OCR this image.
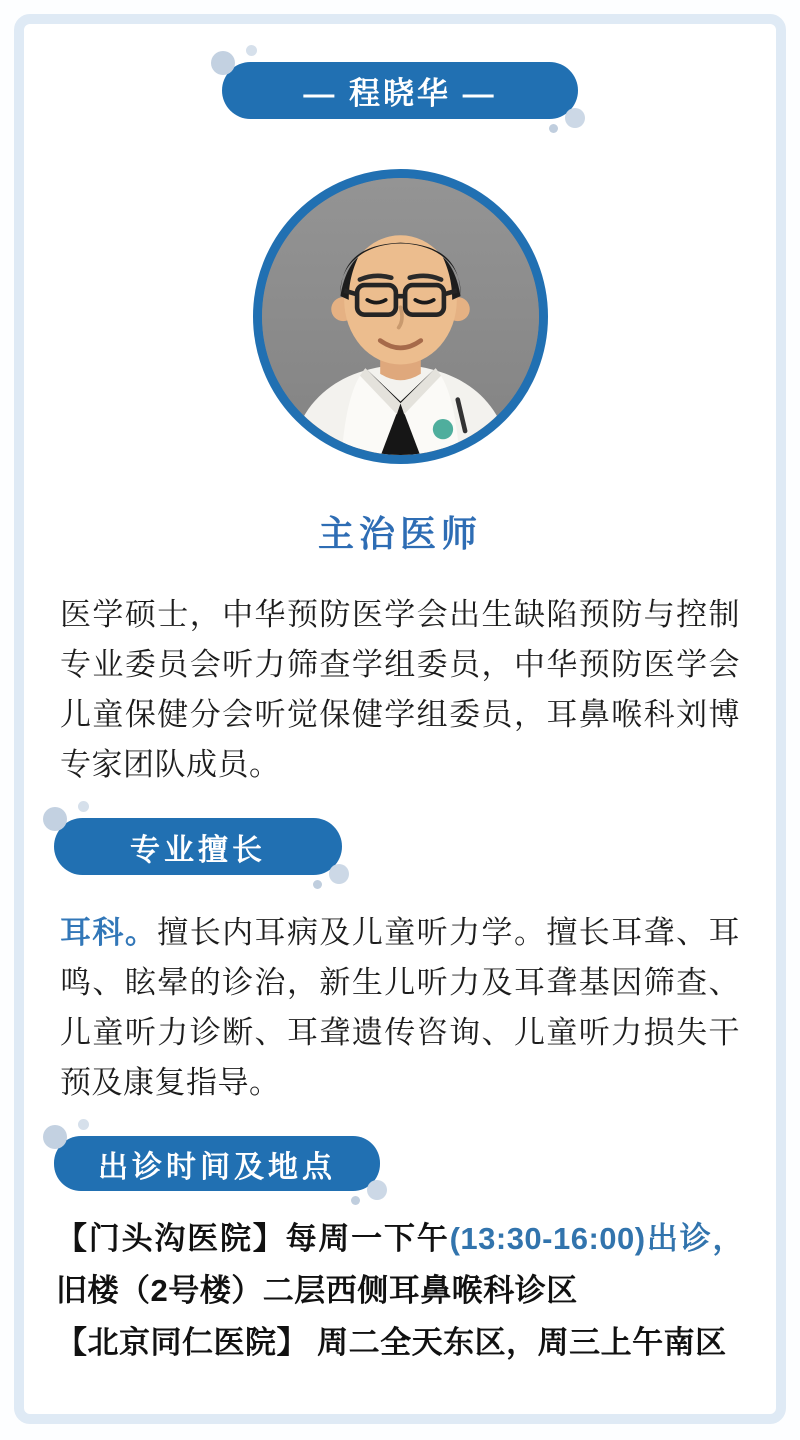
— 程晓华 —
主治医师
医学硕士，中华预防医学会出生缺陷预防与控制专业委员会听力筛查学组委员，中华预防医学会儿童保健分会听觉保健学组委员，耳鼻喉科刘博专家团队成员。
专业擅长
耳科。擅长内耳病及儿童听力学。擅长耳聋、耳鸣、眩晕的诊治，新生儿听力及耳聋基因筛查、儿童听力诊断、耳聋遗传咨询、儿童听力损失干预及康复指导。
出诊时间及地点
【门头沟医院】每周一下午(13:30-16:00)出诊，旧楼（2号楼）二层西侧耳鼻喉科诊区
【北京同仁医院】 周二全天东区，周三上午南区
